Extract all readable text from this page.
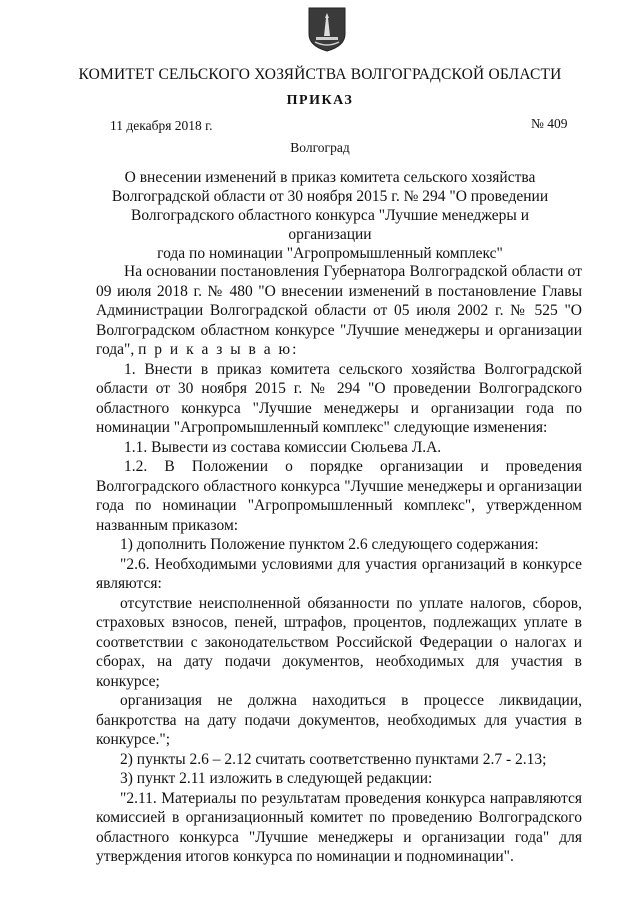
КОМИТЕТ СЕЛЬСКОГО ХОЗЯЙСТВА ВОЛГОГРАДСКОЙ ОБЛАСТИ
ПРИКАЗ
11 декабря 2018 г.	№ 409
Волгоград
О внесении изменений в приказ комитета сельского хозяйства
Волгоградской области от 30 ноября 2015 г. № 294 "О проведении
Волгоградского областного конкурса "Лучшие менеджеры и организации
года по номинации "Агропромышленный комплекс"

На основании постановления Губернатора Волгоградской области от 09 июля 2018 г. № 480 "О внесении изменений в постановление Главы Администрации Волгоградской области от 05 июля 2002 г. № 525 "О Волгоградском областном конкурсе "Лучшие менеджеры и организации года", п р и к а з ы в а ю:

1. Внести в приказ комитета сельского хозяйства Волгоградской области от 30 ноября 2015 г. № 294 "О проведении Волгоградского областного конкурса "Лучшие менеджеры и организации года по номинации "Агропромышленный комплекс" следующие изменения:

1.1. Вывести из состава комиссии Сюльева Л.А.

1.2. В Положении о порядке организации и проведения Волгоградского областного конкурса "Лучшие менеджеры и организации года по номинации "Агропромышленный комплекс", утвержденном названным приказом:

1) дополнить Положение пунктом 2.6 следующего содержания:

"2.6. Необходимыми условиями для участия организаций в конкурсе являются:

отсутствие неисполненной обязанности по уплате налогов, сборов, страховых взносов, пеней, штрафов, процентов, подлежащих уплате в соответствии с законодательством Российской Федерации о налогах и сборах, на дату подачи документов, необходимых для участия в конкурсе;

организация не должна находиться в процессе ликвидации, банкротства на дату подачи документов, необходимых для участия в конкурсе.";

2) пункты 2.6 – 2.12 считать соответственно пунктами 2.7 - 2.13;

3) пункт 2.11 изложить в следующей редакции:

"2.11. Материалы по результатам проведения конкурса направляются комиссией в организационный комитет по проведению Волгоградского областного конкурса "Лучшие менеджеры и организации года" для утверждения итогов конкурса по номинации и подноминации".
